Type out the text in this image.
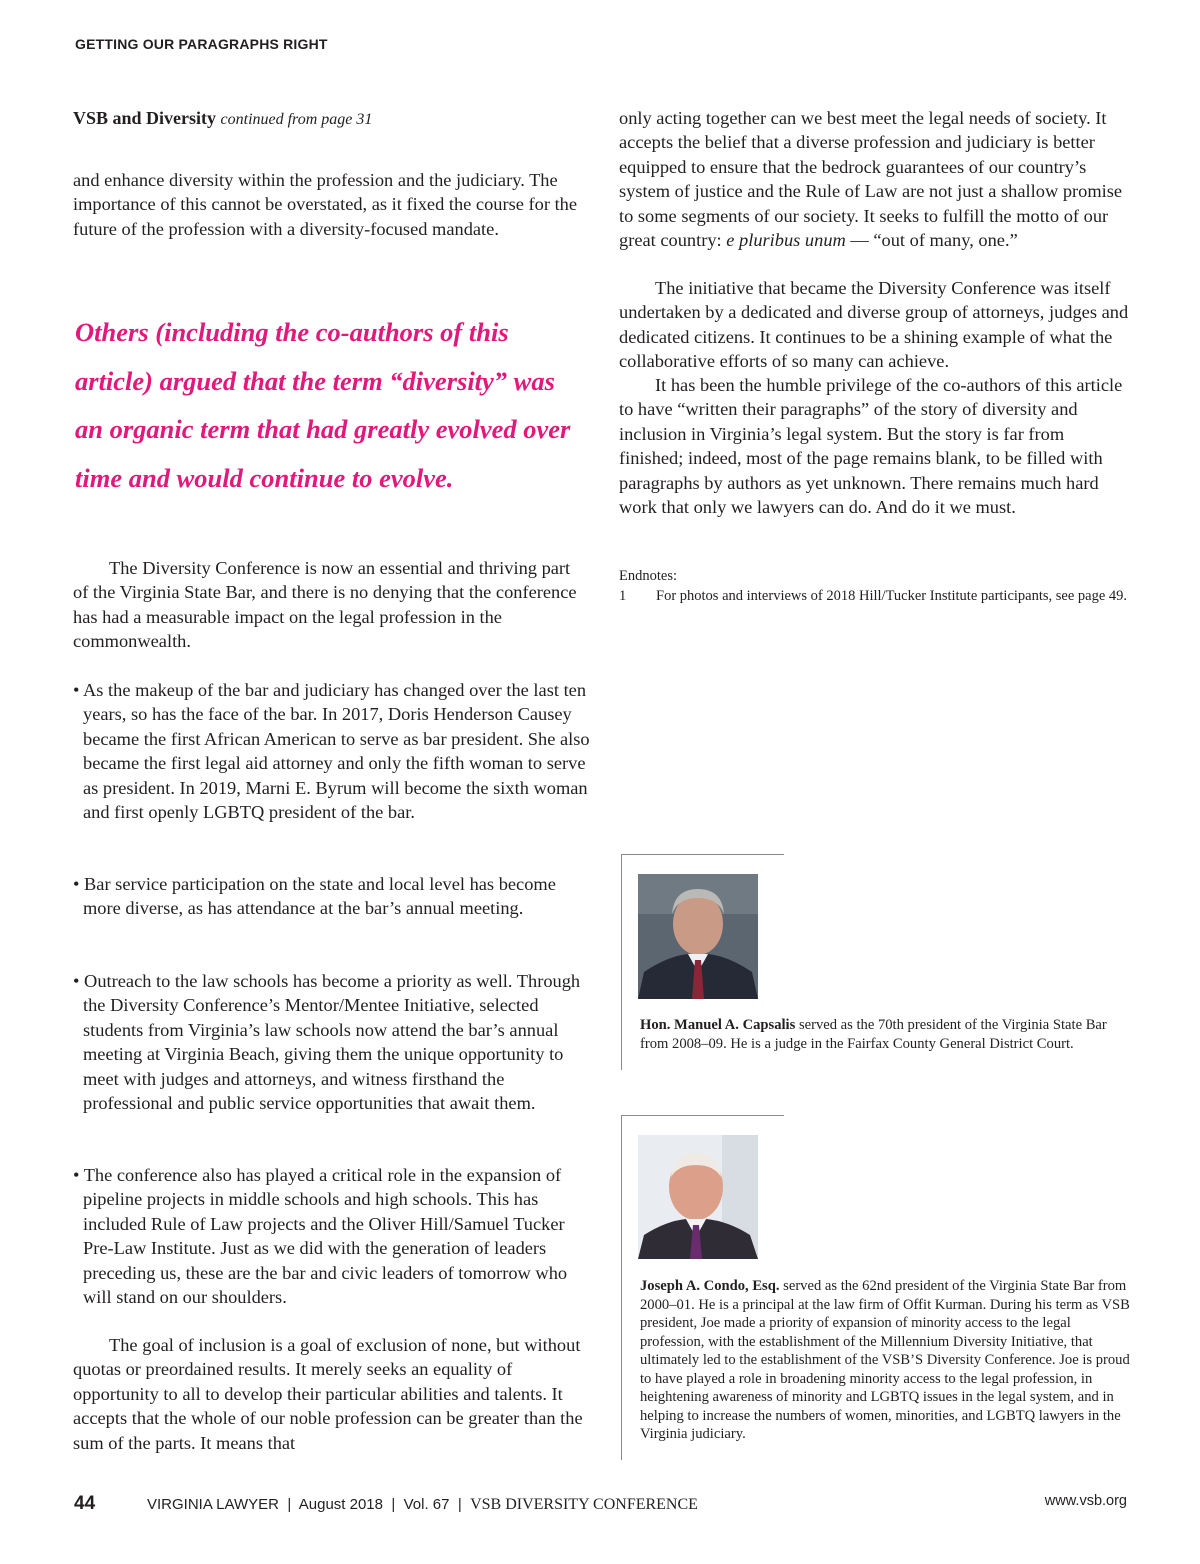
GETTING OUR PARAGRAPHS RIGHT
VSB and Diversity continued from page 31

and enhance diversity within the profession and the judiciary. The importance of this cannot be overstated, as it fixed the course for the future of the profession with a diversity-focused mandate.

Others (including the co-authors of this article) argued that the term “diversity” was an organic term that had greatly evolved over time and would continue to evolve.

The Diversity Conference is now an essential and thriving part of the Virginia State Bar, and there is no denying that the conference has had a measurable impact on the legal profession in the commonwealth.

• As the makeup of the bar and judiciary has changed over the last ten years, so has the face of the bar. In 2017, Doris Henderson Causey became the first African American to serve as bar president. She also became the first legal aid attorney and only the fifth woman to serve as president. In 2019, Marni E. Byrum will become the sixth woman and first openly LGBTQ president of the bar.

• Bar service participation on the state and local level has become more diverse, as has attendance at the bar’s annual meeting.

• Outreach to the law schools has become a priority as well. Through the Diversity Conference’s Mentor/Mentee Initiative, selected students from Virginia’s law schools now attend the bar’s annual meeting at Virginia Beach, giving them the unique opportunity to meet with judges and attorneys, and witness firsthand the professional and public service opportunities that await them.

• The conference also has played a critical role in the expansion of pipeline projects in middle schools and high schools. This has included Rule of Law projects and the Oliver Hill/Samuel Tucker Pre-Law Institute. Just as we did with the generation of leaders preceding us, these are the bar and civic leaders of tomorrow who will stand on our shoulders.

The goal of inclusion is a goal of exclusion of none, but without quotas or preordained results. It merely seeks an equality of opportunity to all to develop their particular abilities and talents. It accepts that the whole of our noble profession can be greater than the sum of the parts. It means that

only acting together can we best meet the legal needs of society. It accepts the belief that a diverse profession and judiciary is better equipped to ensure that the bedrock guarantees of our country’s system of justice and the Rule of Law are not just a shallow promise to some segments of our society. It seeks to fulfill the motto of our great country: e pluribus unum — “out of many, one.”

The initiative that became the Diversity Conference was itself undertaken by a dedicated and diverse group of attorneys, judges and dedicated citizens. It continues to be a shining example of what the collaborative efforts of so many can achieve.

It has been the humble privilege of the co-authors of this article to have “written their paragraphs” of the story of diversity and inclusion in Virginia’s legal system. But the story is far from finished; indeed, most of the page remains blank, to be filled with paragraphs by authors as yet unknown. There remains much hard work that only we lawyers can do. And do it we must.

Endnotes:
1 For photos and interviews of 2018 Hill/Tucker Institute participants, see page 49.

Hon. Manuel A. Capsalis served as the 70th president of the Virginia State Bar from 2008–09. He is a judge in the Fairfax County General District Court.

Joseph A. Condo, Esq. served as the 62nd president of the Virginia State Bar from 2000–01. He is a principal at the law firm of Offit Kurman. During his term as VSB president, Joe made a priority of expansion of minority access to the legal profession, with the establishment of the Millennium Diversity Initiative, that ultimately led to the establishment of the VSB’S Diversity Conference. Joe is proud to have played a role in broadening minority access to the legal profession, in heightening awareness of minority and LGBTQ issues in the legal system, and in helping to increase the numbers of women, minorities, and LGBTQ lawyers in the Virginia judiciary.

44	VIRGINIA LAWYER | August 2018 | Vol. 67 | VSB DIVERSITY CONFERENCE	www.vsb.org
